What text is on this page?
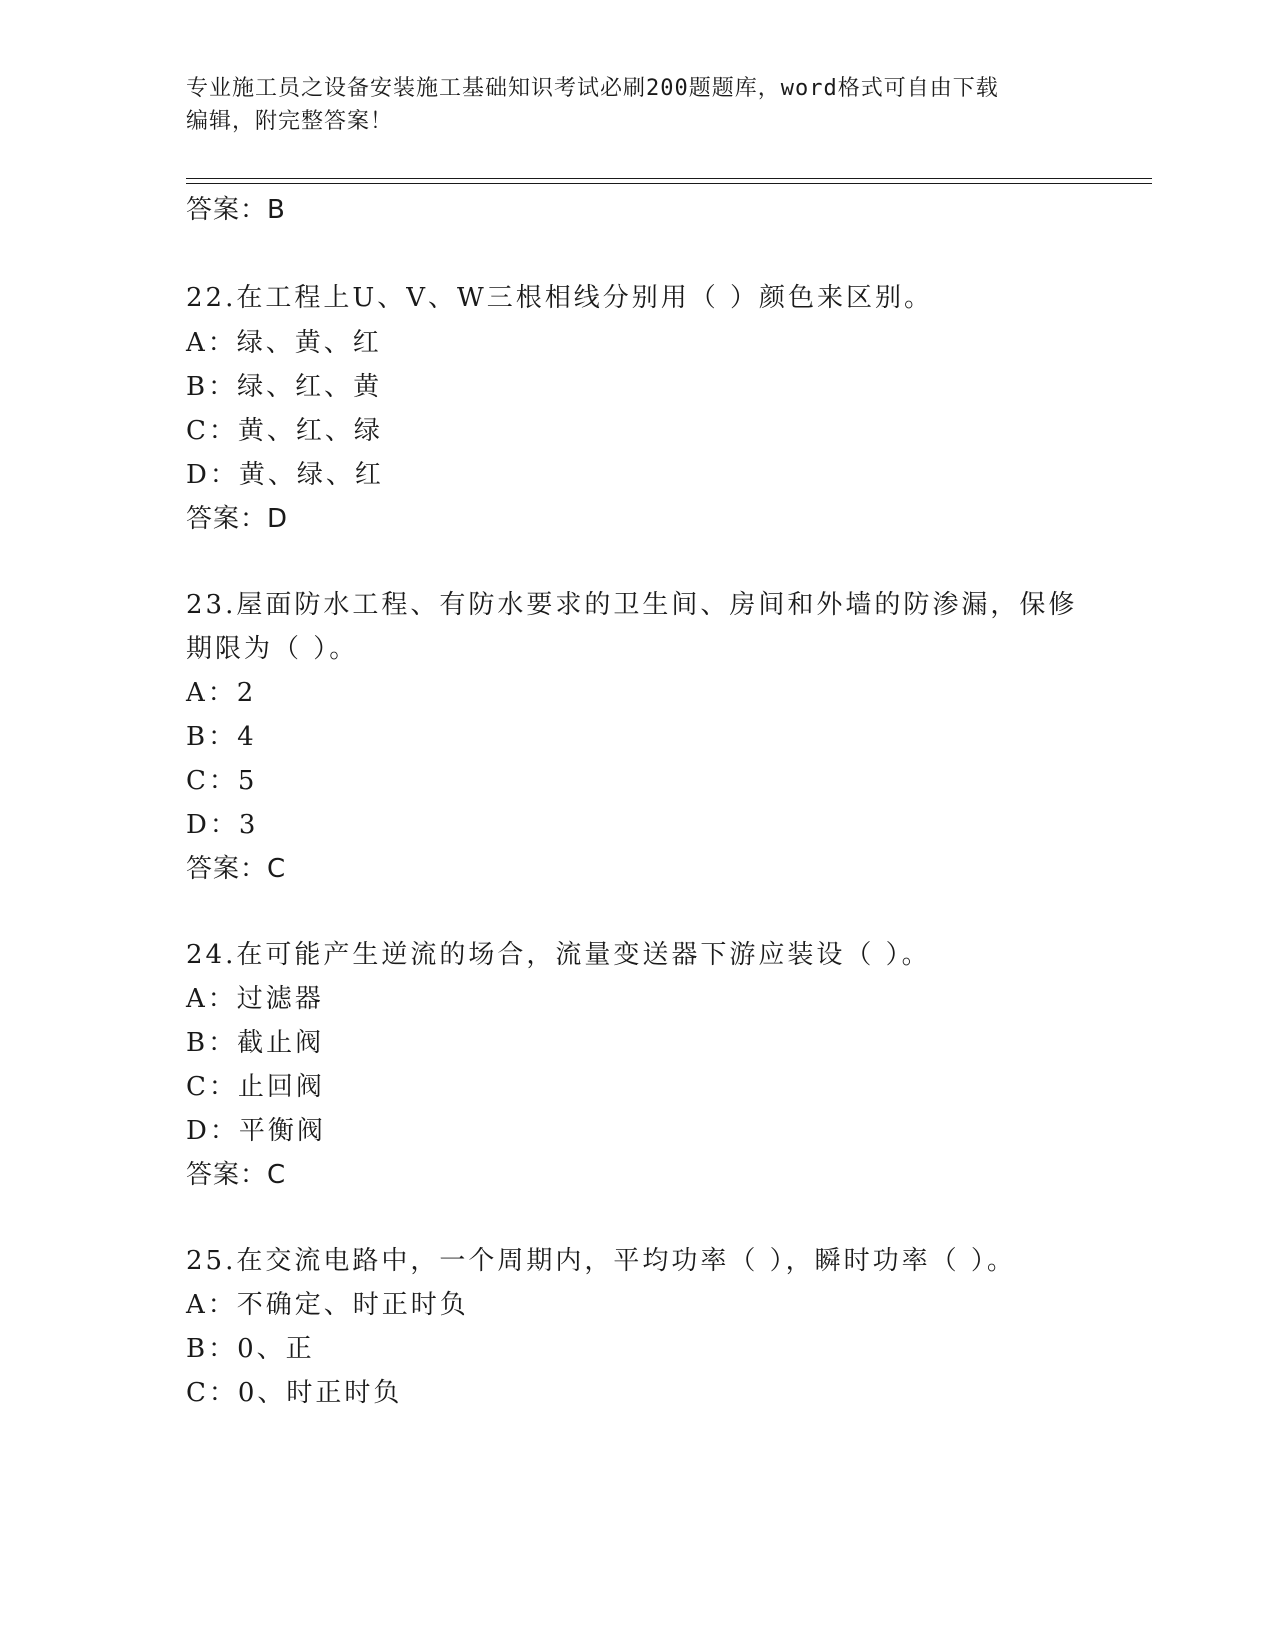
专业施工员之设备安装施工基础知识考试必刷200题题库，word格式可自由下载
编辑，附完整答案！
答案：B
22.在工程上U、V、W三根相线分别用（ ）颜色来区别。
A：绿、黄、红
B：绿、红、黄
C：黄、红、绿
D：黄、绿、红
答案：D
23.屋面防水工程、有防水要求的卫生间、房间和外墙的防渗漏，保修
期限为（ ）。
A：2
B：4
C：5
D：3
答案：C
24.在可能产生逆流的场合，流量变送器下游应装设（ ）。
A：过滤器
B：截止阀
C：止回阀
D：平衡阀
答案：C
25.在交流电路中，一个周期内，平均功率（ ），瞬时功率（ ）。
A：不确定、时正时负
B：0、正
C：0、时正时负
